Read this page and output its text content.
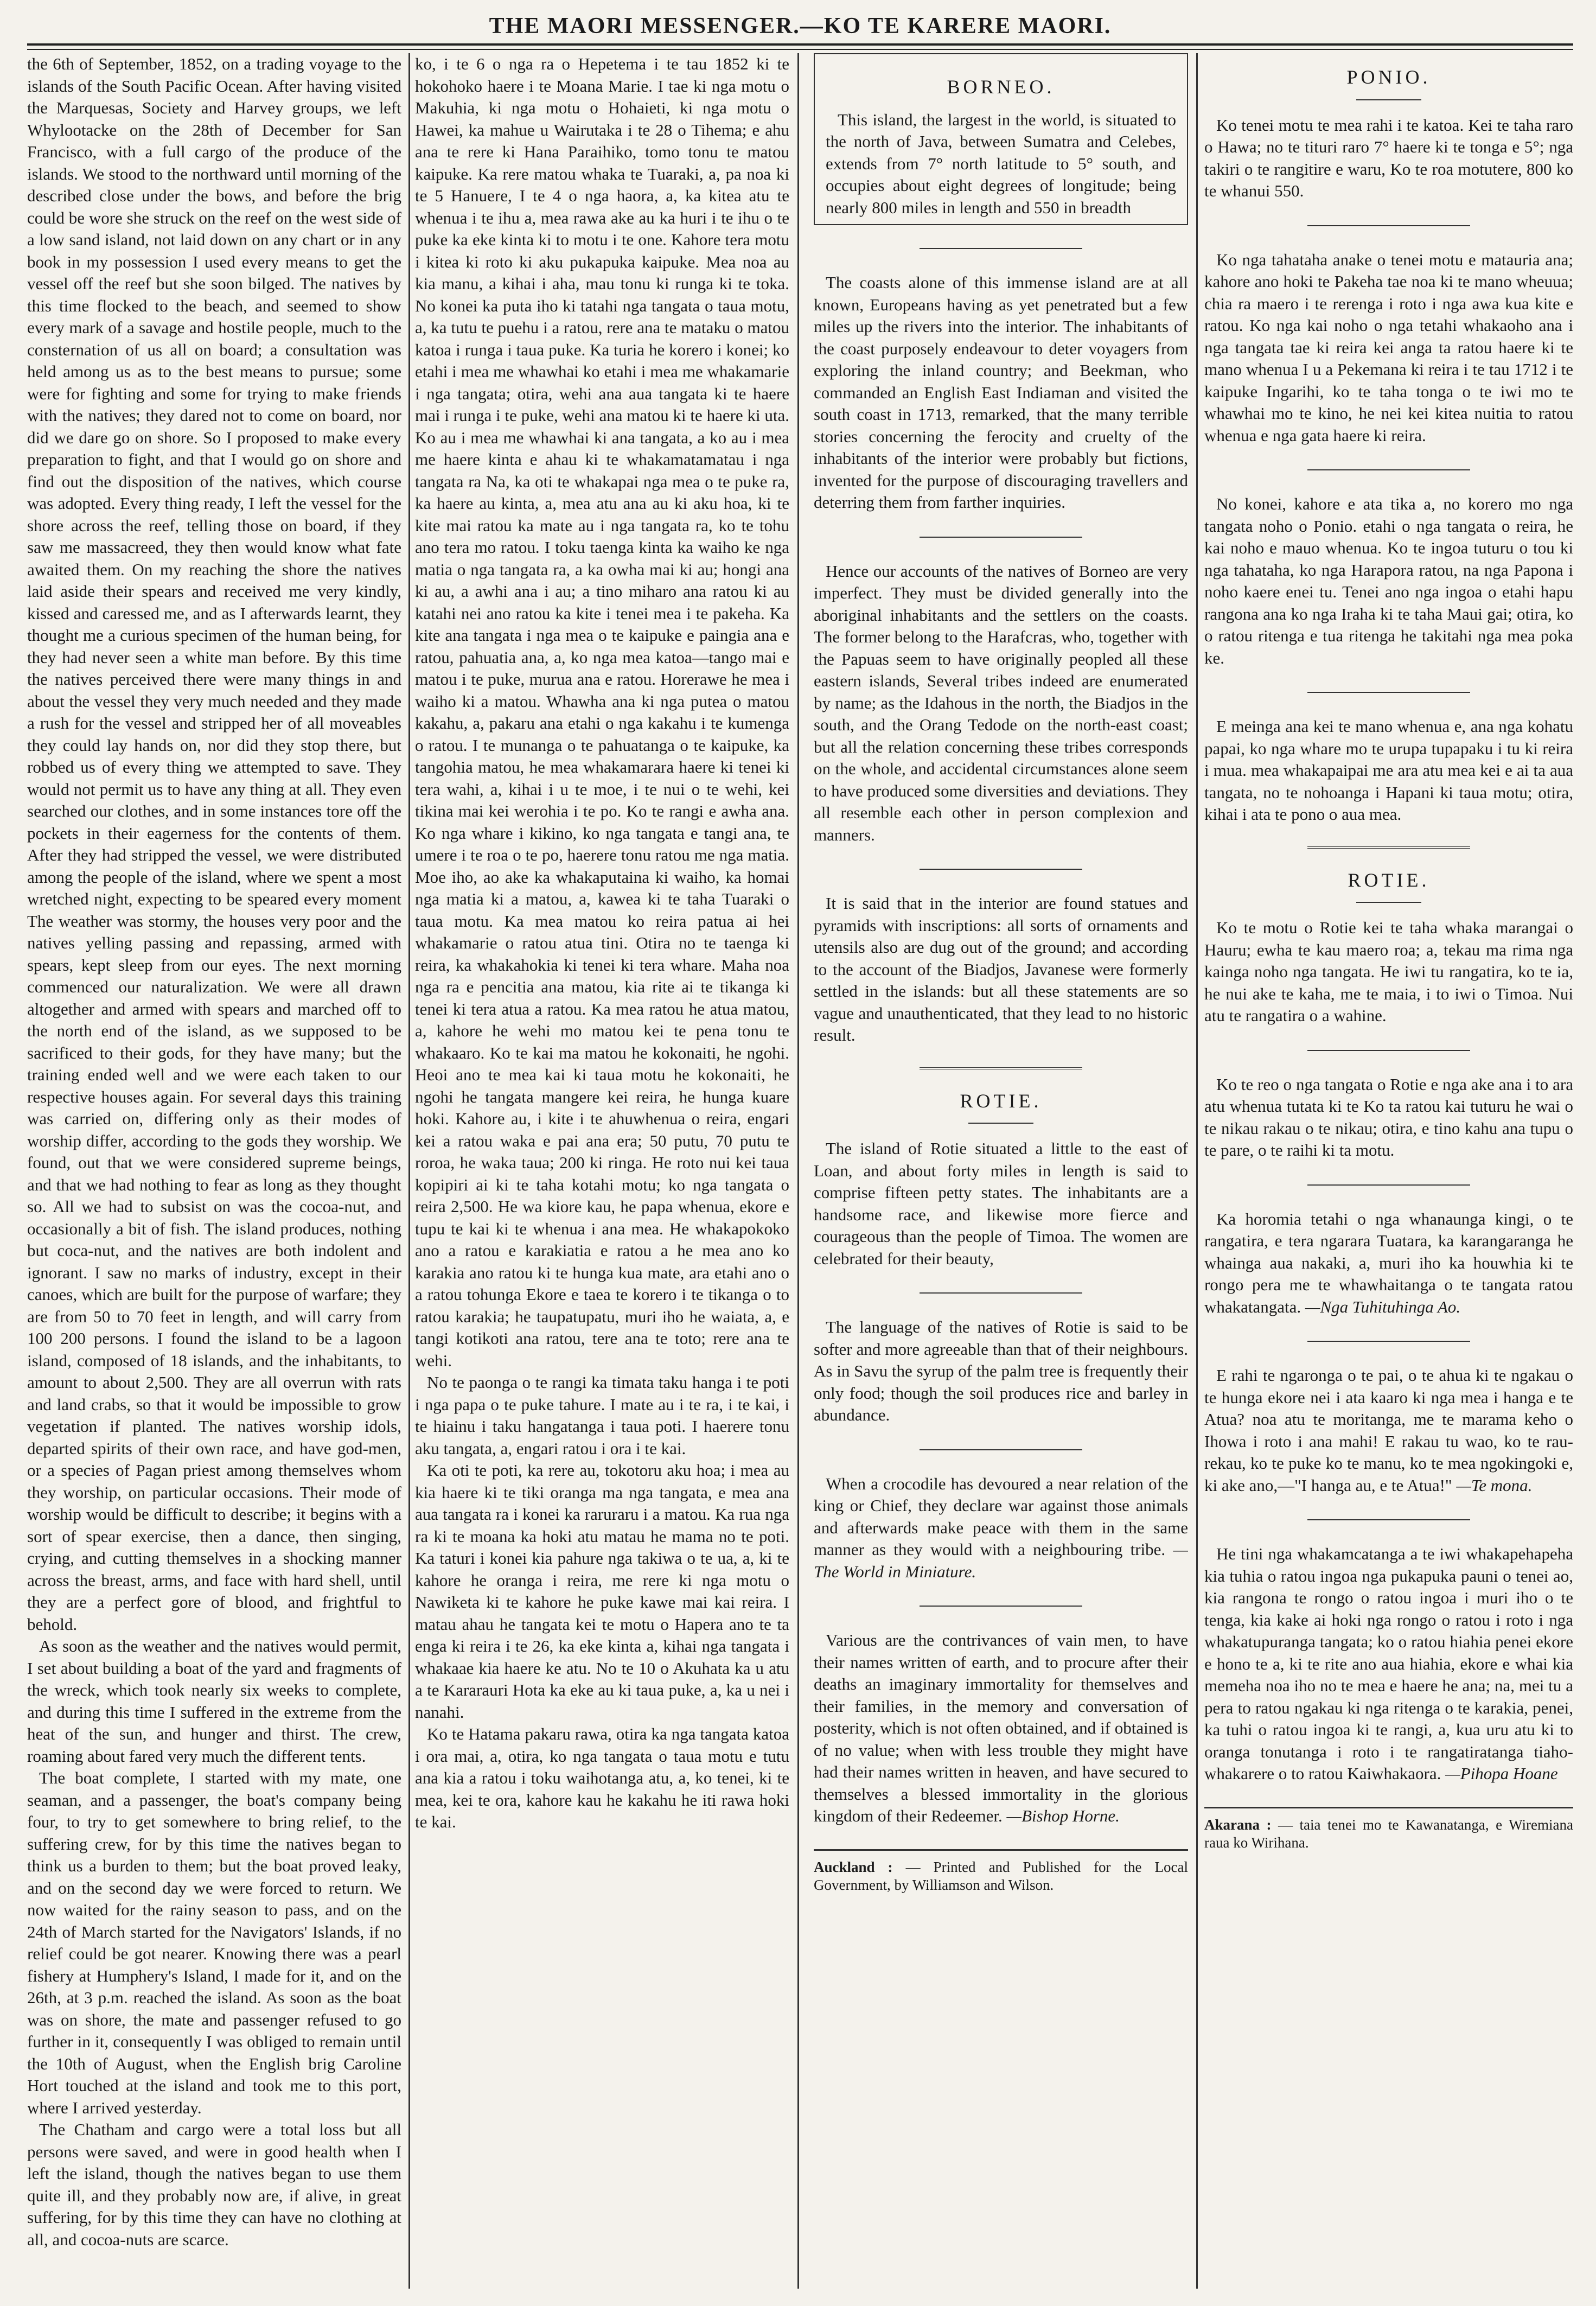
THE MAORI MESSENGER.—KO TE KARERE MAORI.

the 6th of September, 1852, on a trading voyage to the islands of the South Pacific Ocean. After having visited the Marquesas, Society and Harvey groups, we left Whylootacke on the 28th of December for San Francisco, with a full cargo of the produce of the islands. We stood to the northward until morning of the described close under the bows, and before the brig could be wore she struck on the reef on the west side of a low sand island, not laid down on any chart or in any book in my possession I used every means to get the vessel off the reef but she soon bilged. The natives by this time flocked to the beach, and seemed to show every mark of a savage and hostile people, much to the consternation of us all on board; a consultation was held among us as to the best means to pursue; some were for fighting and some for trying to make friends with the natives; they dared not to come on board, nor did we dare go on shore. So I proposed to make every preparation to fight, and that I would go on shore and find out the disposition of the natives, which course was adopted. Every thing ready, I left the vessel for the shore across the reef, telling those on board, if they saw me massacreed, they then would know what fate awaited them. On my reaching the shore the natives laid aside their spears and received me very kindly, kissed and caressed me, and as I afterwards learnt, they thought me a curious specimen of the human being, for they had never seen a white man before. By this time the natives perceived there were many things in and about the vessel they very much needed and they made a rush for the vessel and stripped her of all moveables they could lay hands on, nor did they stop there, but robbed us of every thing we attempted to save. They would not permit us to have any thing at all. They even searched our clothes, and in some instances tore off the pockets in their eagerness for the contents of them. After they had stripped the vessel, we were distributed among the people of the island, where we spent a most wretched night, expecting to be speared every moment The weather was stormy, the houses very poor and the natives yelling passing and repassing, armed with spears, kept sleep from our eyes. The next morning commenced our naturalization. We were all drawn altogether and armed with spears and marched off to the north end of the island, as we supposed to be sacrificed to their gods, for they have many; but the training ended well and we were each taken to our respective houses again. For several days this training was carried on, differing only as their modes of worship differ, according to the gods they worship. We found, out that we were considered supreme beings, and that we had nothing to fear as long as they thought so. All we had to subsist on was the cocoa-nut, and occasionally a bit of fish. The island produces, nothing but coca-nut, and the natives are both indolent and ignorant. I saw no marks of industry, except in their canoes, which are built for the purpose of warfare; they are from 50 to 70 feet in length, and will carry from 100 200 persons. I found the island to be a lagoon island, composed of 18 islands, and the inhabitants, to amount to about 2,500. They are all overrun with rats and land crabs, so that it would be impossible to grow vegetation if planted. The natives worship idols, departed spirits of their own race, and have god-men, or a species of Pagan priest among themselves whom they worship, on particular occasions. Their mode of worship would be difficult to describe; it begins with a sort of spear exercise, then a dance, then singing, crying, and cutting themselves in a shocking manner across the breast, arms, and face with hard shell, until they are a perfect gore of blood, and frightful to behold.

As soon as the weather and the natives would permit, I set about building a boat of the yard and fragments of the wreck, which took nearly six weeks to complete, and during this time I suffered in the extreme from the heat of the sun, and hunger and thirst. The crew, roaming about fared very much the different tents.

The boat complete, I started with my mate, one seaman, and a passenger, the boat's company being four, to try to get somewhere to bring relief, to the suffering crew, for by this time the natives began to think us a burden to them; but the boat proved leaky, and on the second day we were forced to return. We now waited for the rainy season to pass, and on the 24th of March started for the Navigators' Islands, if no relief could be got nearer. Knowing there was a pearl fishery at Humphery's Island, I made for it, and on the 26th, at 3 p.m. reached the island. As soon as the boat was on shore, the mate and passenger refused to go further in it, consequently I was obliged to remain until the 10th of August, when the English brig Caroline Hort touched at the island and took me to this port, where I arrived yesterday.

The Chatham and cargo were a total loss but all persons were saved, and were in good health when I left the island, though the natives began to use them quite ill, and they probably now are, if alive, in great suffering, for by this time they can have no clothing at all, and cocoa-nuts are scarce.

ko, i te 6 o nga ra o Hepetema i te tau 1852 ki te hokohoko haere i te Moana Marie. I tae ki nga motu o Makuhia, ki nga motu o Hohaieti, ki nga motu o Hawei, ka mahue u Wairutaka i te 28 o Tihema; e ahu ana te rere ki Hana Paraihiko, tomo tonu te matou kaipuke. Ka rere matou whaka te Tuaraki, a, pa noa ki te 5 Hanuere, I te 4 o nga haora, a, ka kitea atu te whenua i te ihu a, mea rawa ake au ka huri i te ihu o te puke ka eke kinta ki to motu i te one. Kahore tera motu i kitea ki roto ki aku pukapuka kaipuke. Mea noa au kia manu, a kihai i aha, mau tonu ki runga ki te toka. No konei ka puta iho ki tatahi nga tangata o taua motu, a, ka tutu te puehu i a ratou, rere ana te mataku o matou katoa i runga i taua puke. Ka turia he korero i konei; ko etahi i mea me whawhai ko etahi i mea me whakamarie i nga tangata; otira, wehi ana aua tangata ki te haere mai i runga i te puke, wehi ana matou ki te haere ki uta. Ko au i mea me whawhai ki ana tangata, a ko au i mea me haere kinta e ahau ki te whakamatamatau i nga tangata ra Na, ka oti te whakapai nga mea o te puke ra, ka haere au kinta, a, mea atu ana au ki aku hoa, ki te kite mai ratou ka mate au i nga tangata ra, ko te tohu ano tera mo ratou. I toku taenga kinta ka waiho ke nga matia o nga tangata ra, a ka owha mai ki au; hongi ana ki au, a awhi ana i au; a tino miharo ana ratou ki au katahi nei ano ratou ka kite i tenei mea i te pakeha. Ka kite ana tangata i nga mea o te kaipuke e paingia ana e ratou, pahuatia ana, a, ko nga mea katoa—tango mai e matou i te puke, murua ana e ratou. Horerawe he mea i waiho ki a matou. Whawha ana ki nga putea o matou kakahu, a, pakaru ana etahi o nga kakahu i te kumenga o ratou. I te munanga o te pahuatanga o te kaipuke, ka tangohia matou, he mea whakamarara haere ki tenei ki tera wahi, a, kihai i u te moe, i te nui o te wehi, kei tikina mai kei werohia i te po. Ko te rangi e awha ana. Ko nga whare i kikino, ko nga tangata e tangi ana, te umere i te roa o te po, haerere tonu ratou me nga matia. Moe iho, ao ake ka whakaputaina ki waiho, ka homai nga matia ki a matou, a, kawea ki te taha Tuaraki o taua motu. Ka mea matou ko reira patua ai hei whakamarie o ratou atua tini. Otira no te taenga ki reira, ka whakahokia ki tenei ki tera whare. Maha noa nga ra e pencitia ana matou, kia rite ai te tikanga ki tenei ki tera atua a ratou. Ka mea ratou he atua matou, a, kahore he wehi mo matou kei te pena tonu te whakaaro. Ko te kai ma matou he kokonaiti, he ngohi. Heoi ano te mea kai ki taua motu he kokonaiti, he ngohi he tangata mangere kei reira, he hunga kuare hoki. Kahore au, i kite i te ahuwhenua o reira, engari kei a ratou waka e pai ana era; 50 putu, 70 putu te roroa, he waka taua; 200 ki ringa. He roto nui kei taua kopipiri ai ki te taha kotahi motu; ko nga tangata o reira 2,500. He wa kiore kau, he papa whenua, ekore e tupu te kai ki te whenua i ana mea. He whakapokoko ano a ratou e karakiatia e ratou a he mea ano ko karakia ano ratou ki te hunga kua mate, ara etahi ano o a ratou tohunga Ekore e taea te korero i te tikanga o to ratou karakia; he taupatupatu, muri iho he waiata, a, e tangi kotikoti ana ratou, tere ana te toto; rere ana te wehi.

No te paonga o te rangi ka timata taku hanga i te poti i nga papa o te puke tahure. I mate au i te ra, i te kai, i te hiainu i taku hangatanga i taua poti. I haerere tonu aku tangata, a, engari ratou i ora i te kai.

Ka oti te poti, ka rere au, tokotoru aku hoa; i mea au kia haere ki te tiki oranga ma nga tangata, e mea ana aua tangata ra i konei ka raruraru i a matou. Ka rua nga ra ki te moana ka hoki atu matau he mama no te poti. Ka taturi i konei kia pahure nga takiwa o te ua, a, ki te kahore he oranga i reira, me rere ki nga motu o Nawiketa ki te kahore he puke kawe mai kai reira. I matau ahau he tangata kei te motu o Hapera ano te ta enga ki reira i te 26, ka eke kinta a, kihai nga tangata i whakaae kia haere ke atu. No te 10 o Akuhata ka u atu a te Kararauri Hota ka eke au ki taua puke, a, ka u nei i nanahi.

Ko te Hatama pakaru rawa, otira ka nga tangata katoa i ora mai, a, otira, ko nga tangata o taua motu e tutu ana kia a ratou i toku waihotanga atu, a, ko tenei, ki te mea, kei te ora, kahore kau he kakahu he iti rawa hoki te kai.

BORNEO.

This island, the largest in the world, is situated to the north of Java, between Sumatra and Celebes, extends from 7° north latitude to 5° south, and occupies about eight degrees of longitude; being nearly 800 miles in length and 550 in breadth

The coasts alone of this immense island are at all known, Europeans having as yet penetrated but a few miles up the rivers into the interior. The inhabitants of the coast purposely endeavour to deter voyagers from exploring the inland country; and Beekman, who commanded an English East Indiaman and visited the south coast in 1713, remarked, that the many terrible stories concerning the ferocity and cruelty of the inhabitants of the interior were probably but fictions, invented for the purpose of discouraging travellers and deterring them from farther inquiries.

Hence our accounts of the natives of Borneo are very imperfect. They must be divided generally into the aboriginal inhabitants and the settlers on the coasts. The former belong to the Harafcras, who, together with the Papuas seem to have originally peopled all these eastern islands, Several tribes indeed are enumerated by name; as the Idahous in the north, the Biadjos in the south, and the Orang Tedode on the north-east coast; but all the relation concerning these tribes corresponds on the whole, and accidental circumstances alone seem to have produced some diversities and deviations. They all resemble each other in person complexion and manners.

It is said that in the interior are found statues and pyramids with inscriptions: all sorts of ornaments and utensils also are dug out of the ground; and according to the account of the Biadjos, Javanese were formerly settled in the islands: but all these statements are so vague and unauthenticated, that they lead to no historic result.

ROTIE.

The island of Rotie situated a little to the east of Loan, and about forty miles in length is said to comprise fifteen petty states. The inhabitants are a handsome race, and likewise more fierce and courageous than the people of Timoa. The women are celebrated for their beauty,

The language of the natives of Rotie is said to be softer and more agreeable than that of their neighbours. As in Savu the syrup of the palm tree is frequently their only food; though the soil produces rice and barley in abundance.

When a crocodile has devoured a near relation of the king or Chief, they declare war against those animals and afterwards make peace with them in the same manner as they would with a neighbouring tribe. — The World in Miniature.

Various are the contrivances of vain men, to have their names written of earth, and to procure after their deaths an imaginary immortality for themselves and their families, in the memory and conversation of posterity, which is not often obtained, and if obtained is of no value; when with less trouble they might have had their names written in heaven, and have secured to themselves a blessed immortality in the glorious kingdom of their Redeemer. —Bishop Horne.

Auckland : — Printed and Published for the Local Government, by Williamson and Wilson.
PONIO.

Ko tenei motu te mea rahi i te katoa. Kei te taha raro o Hawa; no te tituri raro 7° haere ki te tonga e 5°; nga takiri o te rangitire e waru, Ko te roa motutere, 800 ko te whanui 550.

Ko nga tahataha anake o tenei motu e matauria ana; kahore ano hoki te Pakeha tae noa ki te mano wheuua; chia ra maero i te rerenga i roto i nga awa kua kite e ratou. Ko nga kai noho o nga tetahi whakaoho ana i nga tangata tae ki reira kei anga ta ratou haere ki te mano whenua I u a Pekemana ki reira i te tau 1712 i te kaipuke Ingarihi, ko te taha tonga o te iwi mo te whawhai mo te kino, he nei kei kitea nuitia to ratou whenua e nga gata haere ki reira.

No konei, kahore e ata tika a, no korero mo nga tangata noho o Ponio. etahi o nga tangata o reira, he kai noho e mauo whenua. Ko te ingoa tuturu o tou ki nga tahataha, ko nga Harapora ratou, na nga Papona i noho kaere enei tu. Tenei ano nga ingoa o etahi hapu rangona ana ko nga Iraha ki te taha Maui gai; otira, ko o ratou ritenga e tua ritenga he takitahi nga mea poka ke.

E meinga ana kei te mano whenua e, ana nga kohatu papai, ko nga whare mo te urupa tupapaku i tu ki reira i mua. mea whakapaipai me ara atu mea kei e ai ta aua tangata, no te nohoanga i Hapani ki taua motu; otira, kihai i ata te pono o aua mea.

ROTIE.

Ko te motu o Rotie kei te taha whaka marangai o Hauru; ewha te kau maero roa; a, tekau ma rima nga kainga noho nga tangata. He iwi tu rangatira, ko te ia, he nui ake te kaha, me te maia, i to iwi o Timoa. Nui atu te rangatira o a wahine.

Ko te reo o nga tangata o Rotie e nga ake ana i to ara atu whenua tutata ki te Ko ta ratou kai tuturu he wai o te nikau rakau o te nikau; otira, e tino kahu ana tupu o te pare, o te raihi ki ta motu.

Ka horomia tetahi o nga whanaunga kingi, o te rangatira, e tera ngarara Tuatara, ka karangaranga he whainga aua nakaki, a, muri iho ka houwhia ki te rongo pera me te whawhaitanga o te tangata ratou whakatangata. —Nga Tuhituhinga Ao.

E rahi te ngaronga o te pai, o te ahua ki te ngakau o te hunga ekore nei i ata kaaro ki nga mea i hanga e te Atua? noa atu te moritanga, me te marama keho o Ihowa i roto i ana mahi! E rakau tu wao, ko te rau-rekau, ko te puke ko te manu, ko te mea ngokingoki e, ki ake ano,—"I hanga au, e te Atua!" —Te mona.

He tini nga whakamcatanga a te iwi whakapehapeha kia tuhia o ratou ingoa nga pukapuka pauni o tenei ao, kia rangona te rongo o ratou ingoa i muri iho o te tenga, kia kake ai hoki nga rongo o ratou i roto i nga whakatupuranga tangata; ko o ratou hiahia penei ekore e hono te a, ki te rite ano aua hiahia, ekore e whai kia memeha noa iho no te mea e haere he ana; na, mei tu a pera to ratou ngakau ki nga ritenga o te karakia, penei, ka tuhi o ratou ingoa ki te rangi, a, kua uru atu ki to oranga tonutanga i roto i te rangatiratanga tiaho-whakarere o to ratou Kaiwhakaora. —Pihopa Hoane

Akarana : — taia tenei mo te Kawanatanga, e Wiremiana raua ko Wirihana.
